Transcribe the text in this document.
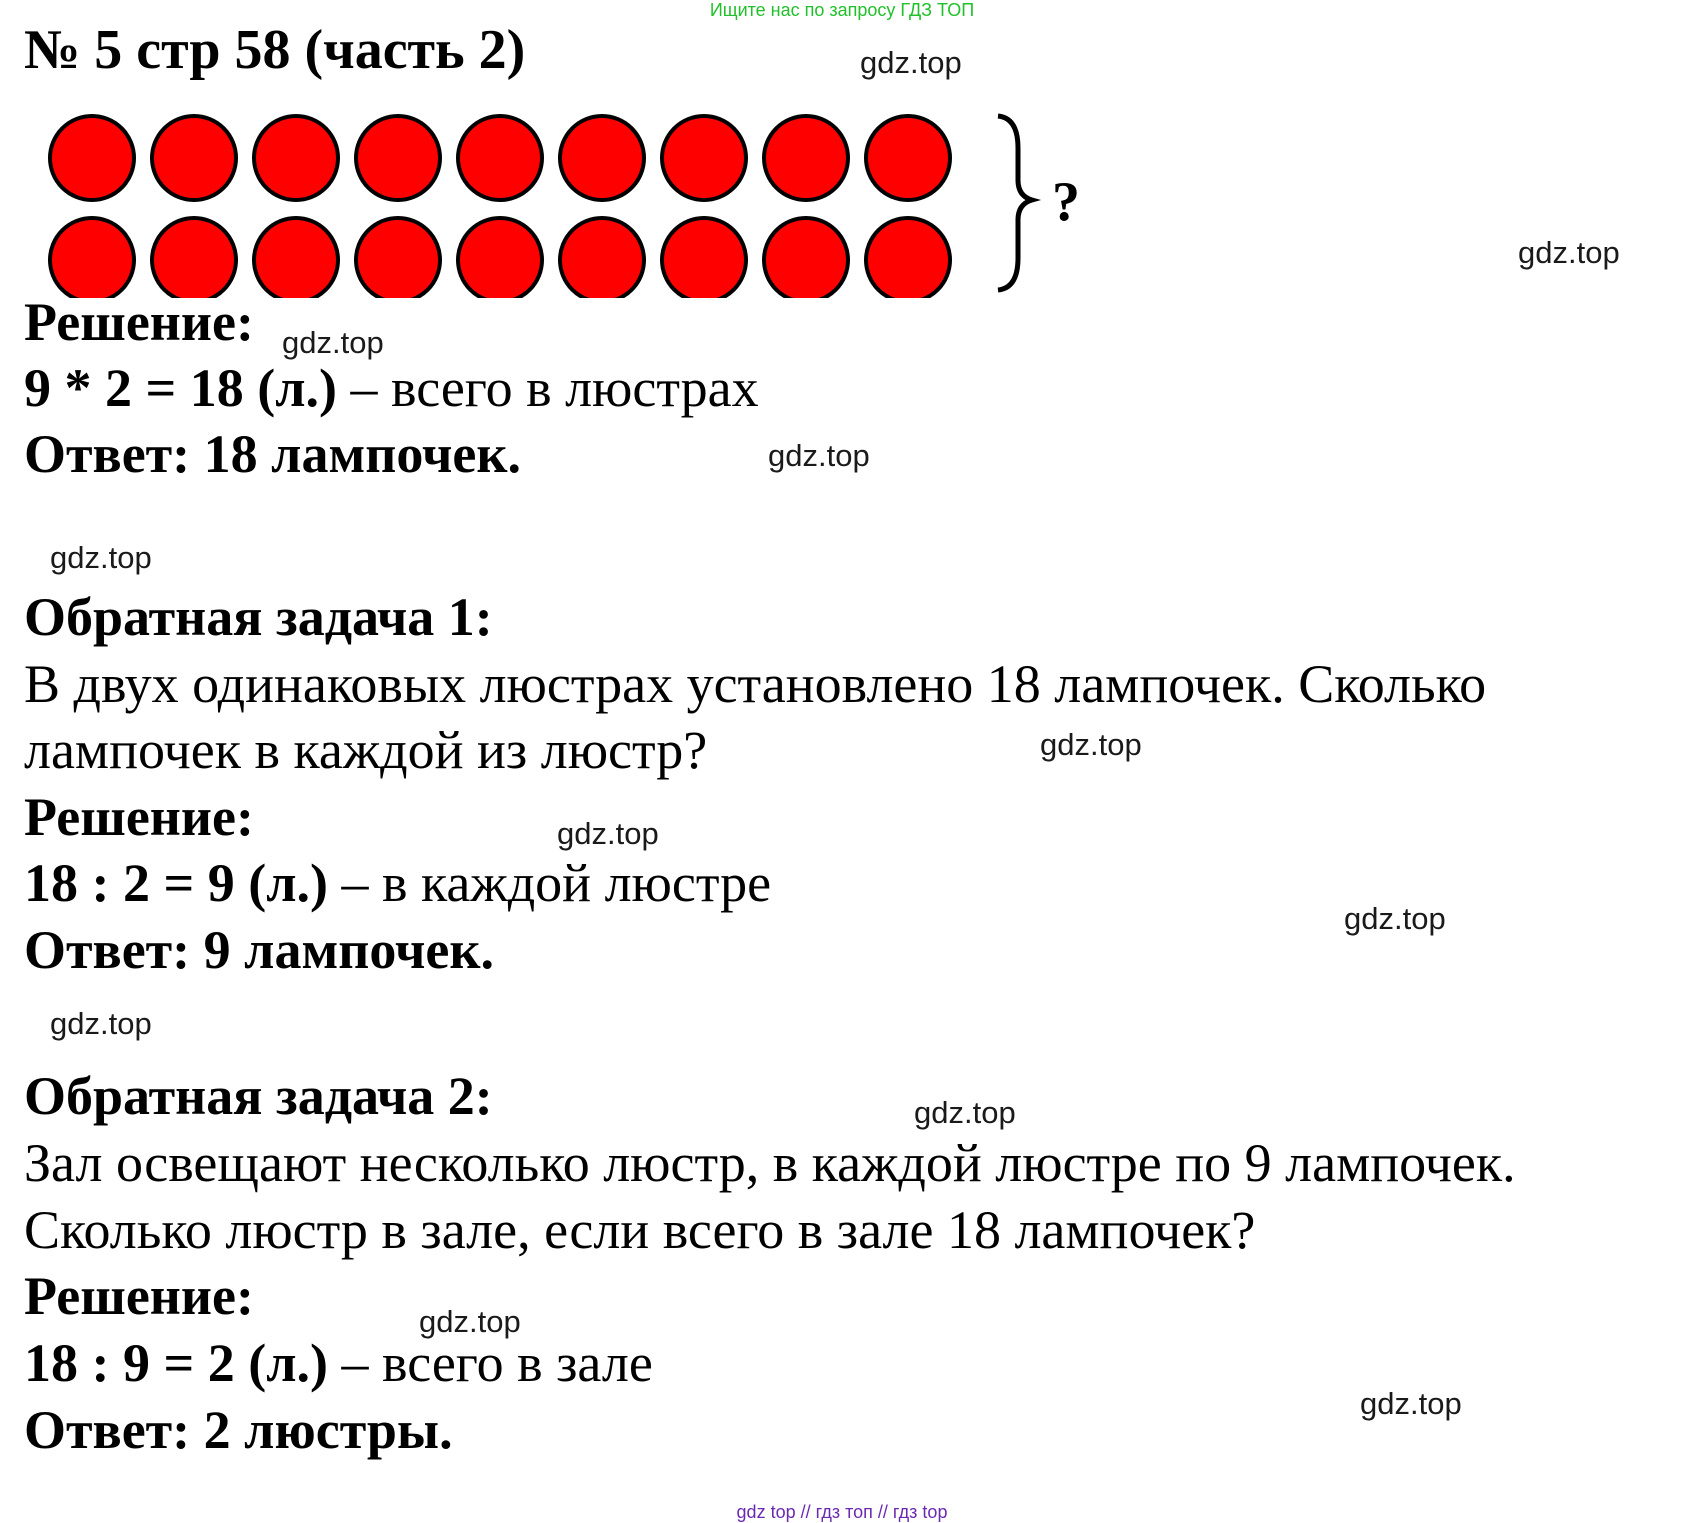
Ищите нас по запросу ГДЗ ТОП
№ 5 стр 58 (часть 2)
?
Решение:
9 * 2 = 18 (л.) – всего в люстрах
Ответ: 18 лампочек.
Обратная задача 1:
В двух одинаковых люстрах установлено 18 лампочек. Сколько
лампочек в каждой из люстр?
Решение:
18 : 2 = 9 (л.) – в каждой люстре
Ответ: 9 лампочек.
Обратная задача 2:
Зал освещают несколько люстр, в каждой люстре по 9 лампочек.
Сколько люстр в зале, если всего в зале 18 лампочек?
Решение:
18 : 9 = 2 (л.) – всего в зале
Ответ: 2 люстры.
gdz.top
gdz.top
gdz.top
gdz.top
gdz.top
gdz.top
gdz.top
gdz.top
gdz.top
gdz.top
gdz.top
gdz.top
gdz top // гдз топ // гдз top
